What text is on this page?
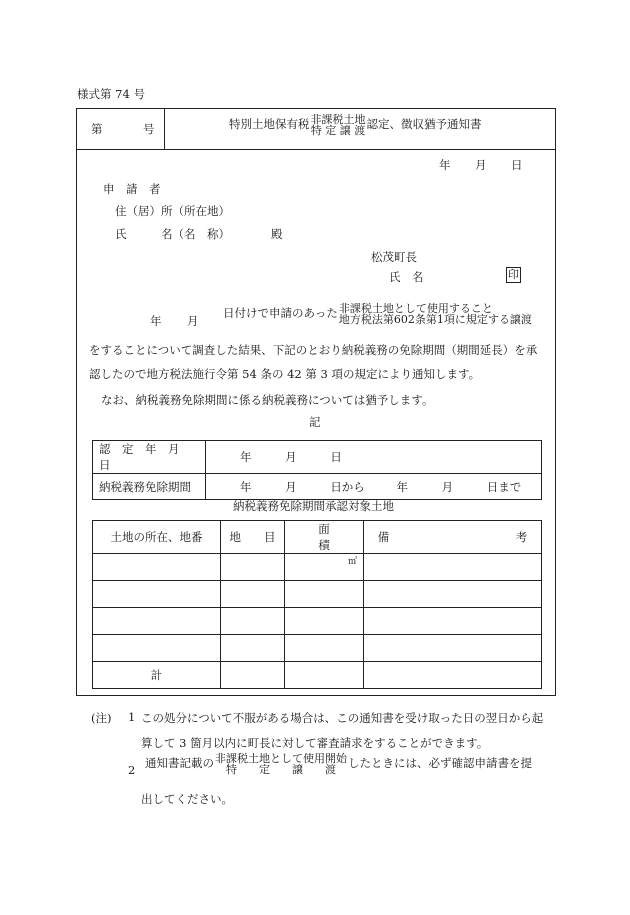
様式第 74 号
第	号	特別土地保有税 非課税土地
特 定 譲 渡 認定、徴収猶予通知書
年 月 日
申　請　者
住（居）所（所在地）
氏　　　名（名　称）	殿
松茂町長
氏　名	印
年 月
日付けで申請のあった 非課税土地として使用すること
地方税法第602条第1項に規定する譲渡
をすることについて調査した結果、下記のとおり納税義務の免除期間（期間延長）を承
認したので地方税法施行令第 54 条の 42 第 3 項の規定により通知します。
なお、納税義務免除期間に係る納税義務については猶予します。
記
認　定　年　月　日	年 月 日
納税義務免除期間	年 月 日から 年 月 日まで
納税義務免除期間承認対象土地
土地の所在、地番	地　　目	面　　　　積	備　　　　　　　　　　　考
		㎡	

計			
(注) 1 この処分について不服がある場合は、この通知書を受け取った日の翌日から起
算して 3 箇月以内に町長に対して審査請求をすることができます。
2 通知書記載の 非課税土地として使用開始
特　　定　　譲　　渡	したときには、必ず確認申請書を提
出してください。
